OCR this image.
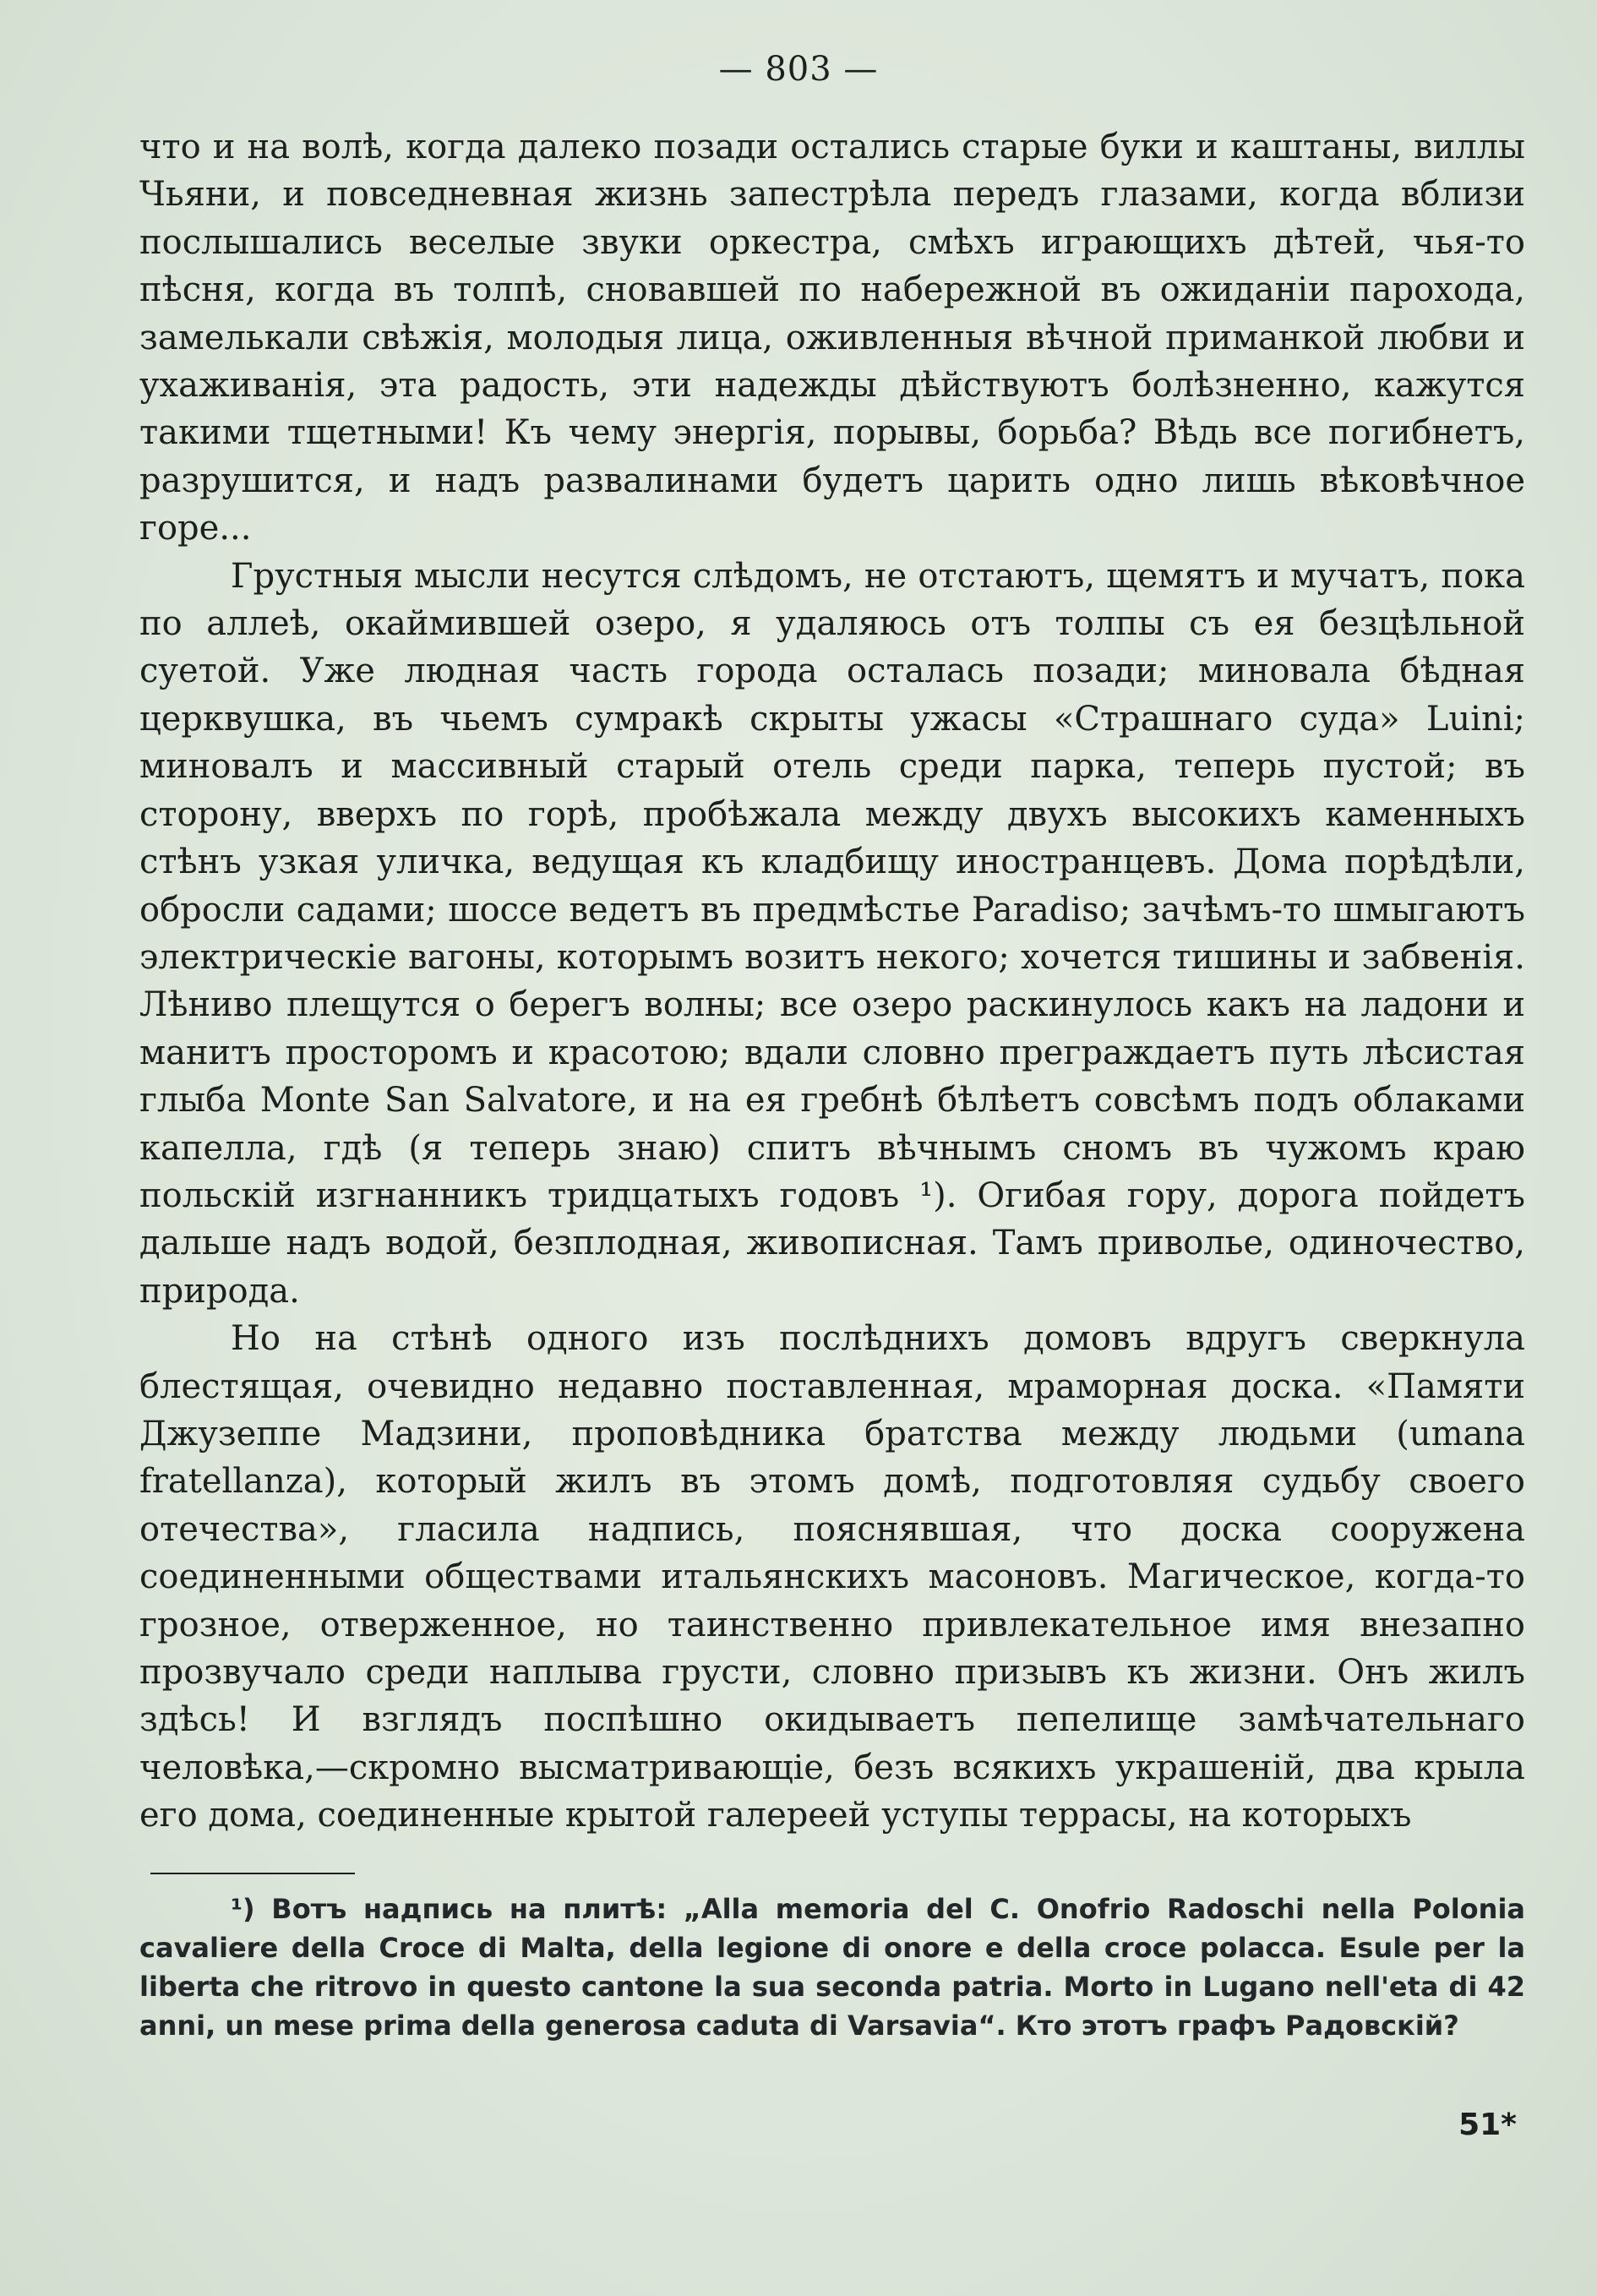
— 803 —

что и на волѣ, когда далеко позади остались старые буки и каштаны, виллы Чьяни, и повседневная жизнь запестрѣла передъ глазами, когда вблизи послышались веселые звуки оркестра, смѣхъ играющихъ дѣтей, чья-то пѣсня, когда въ толпѣ, сновавшей по набережной въ ожиданіи парохода, замелькали свѣжія, молодыя лица, оживленныя вѣчной приманкой любви и ухаживанія, эта радость, эти надежды дѣйствуютъ болѣзненно, кажутся такими тщетными! Къ чему энергія, порывы, борьба? Вѣдь все погибнетъ, разрушится, и надъ развалинами будетъ царить одно лишь вѣковѣчное горе...

Грустныя мысли несутся слѣдомъ, не отстаютъ, щемятъ и мучатъ, пока по аллеѣ, окаймившей озеро, я удаляюсь отъ толпы съ ея безцѣльной суетой. Уже людная часть города осталась позади; миновала бѣдная церквушка, въ чьемъ сумракѣ скрыты ужасы «Страшнаго суда» Luini; миновалъ и массивный старый отель среди парка, теперь пустой; въ сторону, вверхъ по горѣ, пробѣжала между двухъ высокихъ каменныхъ стѣнъ узкая уличка, ведущая къ кладбищу иностранцевъ. Дома порѣдѣли, обросли садами; шоссе ведетъ въ предмѣстье Paradiso; зачѣмъ-то шмыгаютъ электрическіе вагоны, которымъ возитъ некого; хочется тишины и забвенія. Лѣниво плещутся о берегъ волны; все озеро раскинулось какъ на ладони и манитъ просторомъ и красотою; вдали словно преграждаетъ путь лѣсистая глыба Monte San Salvatore, и на ея гребнѣ бѣлѣетъ совсѣмъ подъ облаками капелла, гдѣ (я теперь знаю) спитъ вѣчнымъ сномъ въ чужомъ краю польскій изгнанникъ тридцатыхъ годовъ ¹). Огибая гору, дорога пойдетъ дальше надъ водой, безплодная, живописная. Тамъ приволье, одиночество, природа.

Но на стѣнѣ одного изъ послѣднихъ домовъ вдругъ сверкнула блестящая, очевидно недавно поставленная, мраморная доска. «Памяти Джузеппе Мадзини, проповѣдника братства между людьми (umana fratellanza), который жилъ въ этомъ домѣ, подготовляя судьбу своего отечества», гласила надпись, пояснявшая, что доска сооружена соединенными обществами итальянскихъ масоновъ. Магическое, когда-то грозное, отверженное, но таинственно привлекательное имя внезапно прозвучало среди наплыва грусти, словно призывъ къ жизни. Онъ жилъ здѣсь! И взглядъ поспѣшно окидываетъ пепелище замѣчательнаго человѣка,—скромно высматривающіе, безъ всякихъ украшеній, два крыла его дома, соединенные крытой галереей уступы террасы, на которыхъ

¹) Вотъ надпись на плитѣ: „Alla memoria del C. Onofrio Radoschi nella Polonia cavaliere della Croce di Malta, della legione di onore e della croce polacca. Esule per la liberta che ritrovo in questo cantone la sua seconda patria. Morto in Lugano nell'eta di 42 anni, un mese prima della generosa caduta di Varsavia“. Кто этотъ графъ Радовскій?

51*
